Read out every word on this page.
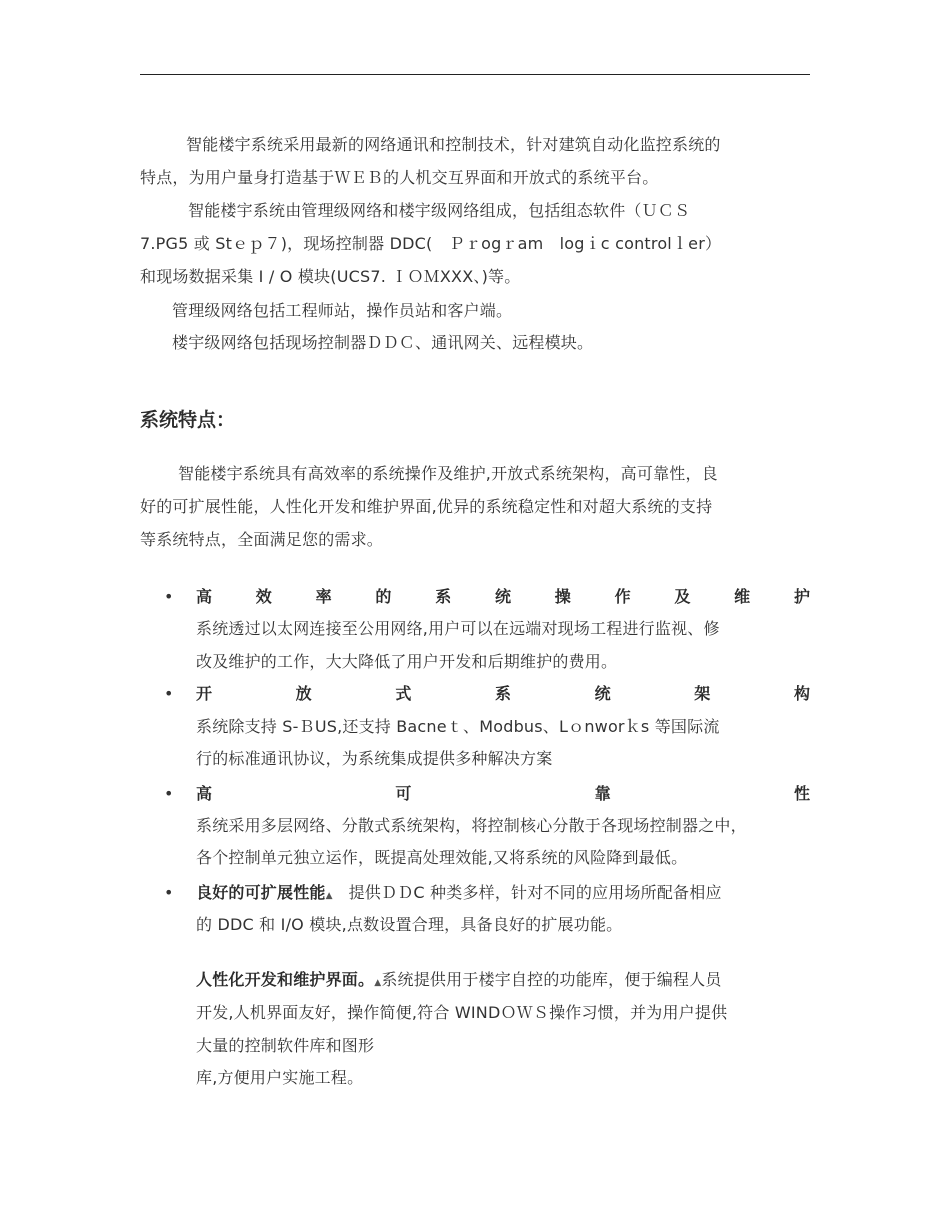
智能楼宇系统采用最新的网络通讯和控制技术，针对建筑自动化监控系统的
特点，为用户量身打造基于ＷＥＢ的人机交互界面和开放式的系统平台。
智能楼宇系统由管理级网络和楼宇级网络组成，包括组态软件（ＵＣＳ
7.PG5 或 Stｅｐ７)，现场控制器 DDC(　Ｐｒogｒam　logｉc controlｌer）
和现场数据采集 I / O 模块(UCS7. ＩＯＭXXX、)等。
管理级网络包括工程师站，操作员站和客户端。
楼宇级网络包括现场控制器ＤＤＣ、通讯网关、远程模块。
系统特点：
智能楼宇系统具有高效率的系统操作及维护,开放式系统架构，高可靠性，良
好的可扩展性能，人性化开发和维护界面,优异的系统稳定性和对超大系统的支持
等系统特点，全面满足您的需求。
• 高	效	率	的	系	统	操	作	及	维	护
系统透过以太网连接至公用网络,用户可以在远端对现场工程进行监视、修
改及维护的工作，大大降低了用户开发和后期维护的费用。
• 开	放	式	系	统	架	构
系统除支持 S-ＢUS,还支持 Bacneｔ、Modbus、Lｏnworｋs 等国际流
行的标准通讯协议，为系统集成提供多种解决方案
• 高	可	靠	性
系统采用多层网络、分散式系统架构，将控制核心分散于各现场控制器之中，
各个控制单元独立运作，既提高处理效能,又将系统的风险降到最低。
• 良好的可扩展性能▲ 提供ＤＤC 种类多样，针对不同的应用场所配备相应
的 DDC 和 I/O 模块,点数设置合理，具备良好的扩展功能。
人性化开发和维护界面。▲系统提供用于楼宇自控的功能库，便于编程人员
开发,人机界面友好，操作简便,符合 WINDＯＷＳ操作习惯，并为用户提供
大量的控制软件库和图形
库,方便用户实施工程。
